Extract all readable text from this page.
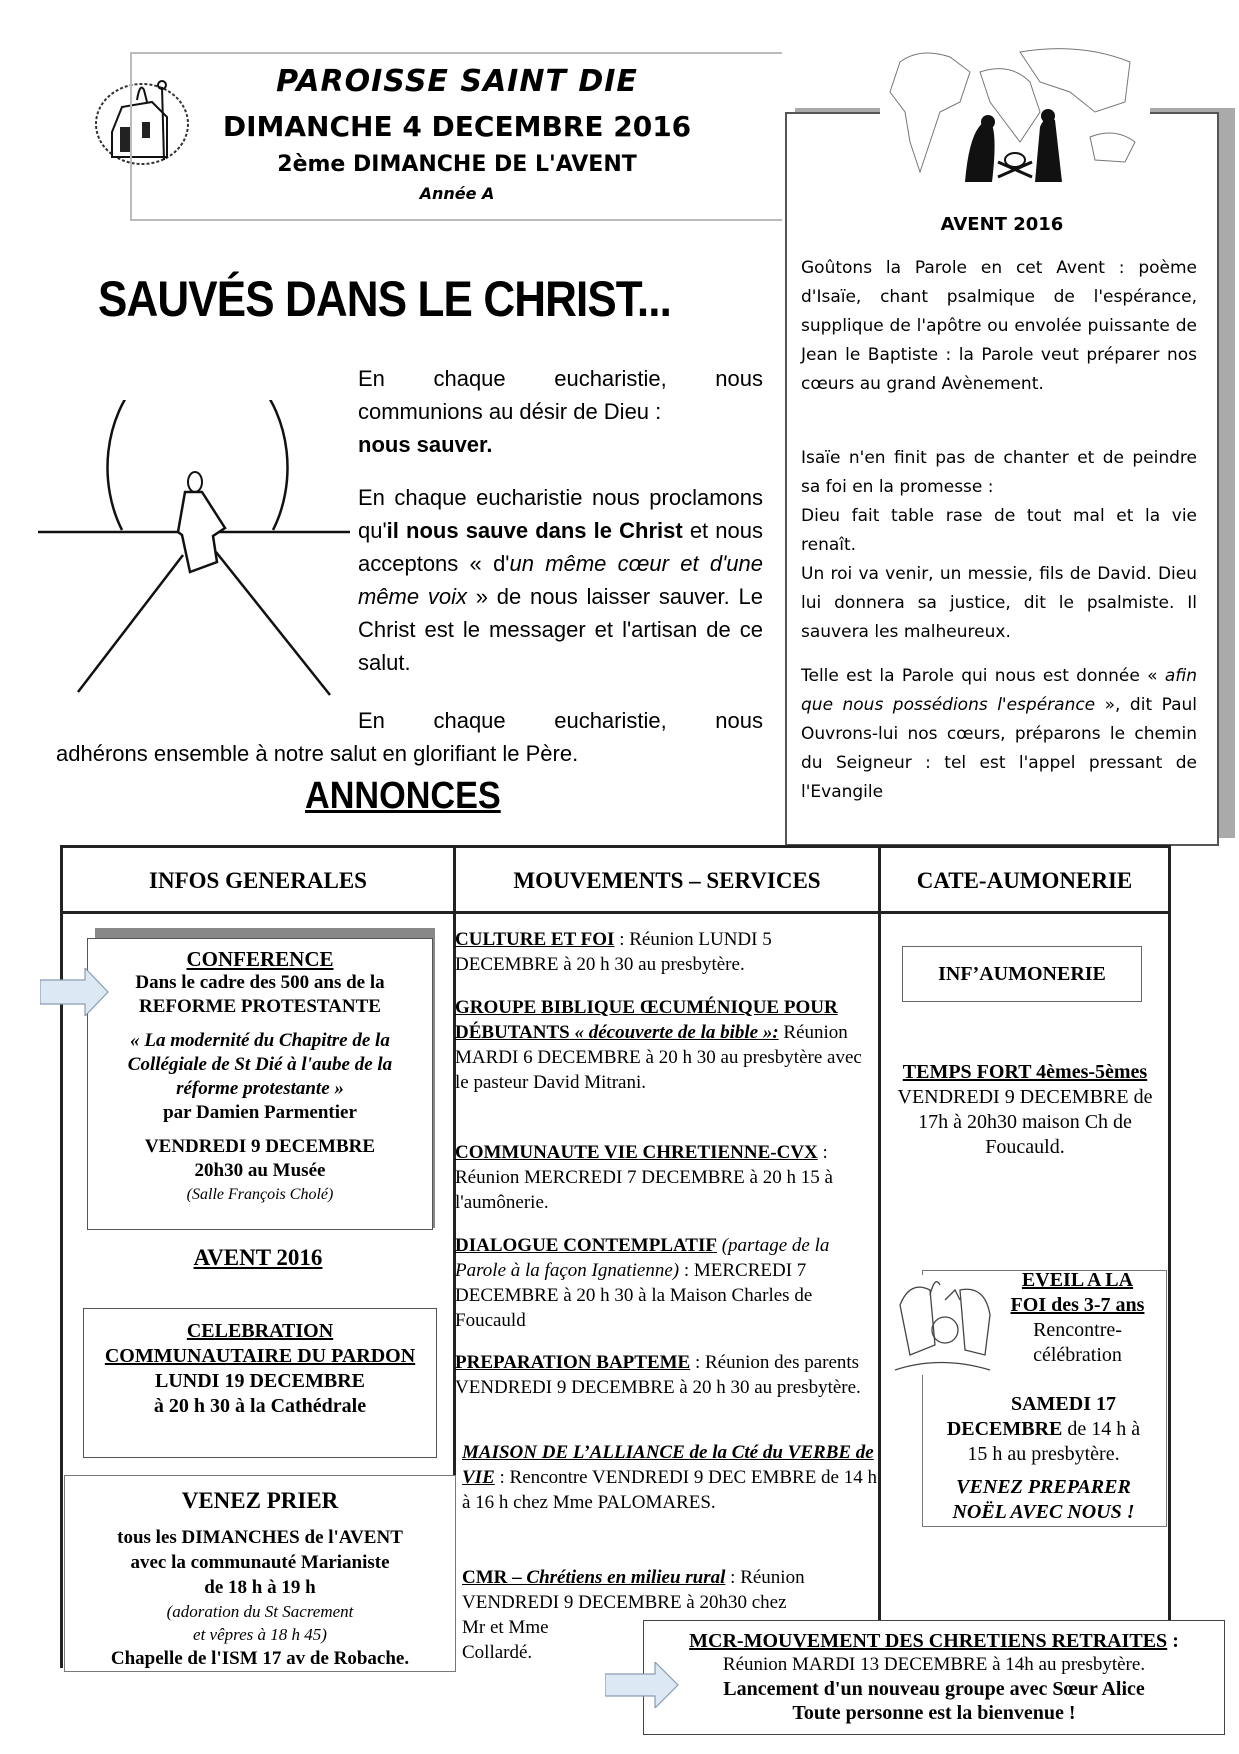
PAROISSE SAINT DIE
DIMANCHE 4 DECEMBRE 2016
2ème DIMANCHE DE L'AVENT
Année A
SAUVÉS DANS LE CHRIST...
En chaque eucharistie, nous communions au désir de Dieu :
nous sauver.
En chaque eucharistie nous proclamons qu'il nous sauve dans le Christ et nous acceptons « d'un même cœur et d'une même voix » de nous laisser sauver. Le Christ est le messager et l'artisan de ce salut.
En chaque eucharistie, nous
adhérons ensemble à notre salut en glorifiant le Père.
ANNONCES
AVENT 2016
Goûtons la Parole en cet Avent : poème d'Isaïe, chant psalmique de l'espérance, supplique de l'apôtre ou envolée puissante de Jean le Baptiste : la Parole veut préparer nos cœurs au grand Avènement.
Isaïe n'en finit pas de chanter et de peindre sa foi en la promesse :
Dieu fait table rase de tout mal et la vie renaît.
Un roi va venir, un messie, fils de David. Dieu lui donnera sa justice, dit le psalmiste. Il sauvera les malheureux.
Telle est la Parole qui nous est donnée « afin que nous possédions l'espérance », dit Paul Ouvrons-lui nos cœurs, préparons le chemin du Seigneur : tel est l'appel pressant de l'Evangile
INFOS GENERALES	MOUVEMENTS – SERVICES	CATE-AUMONERIE
CONFERENCE
Dans le cadre des 500 ans de la REFORME PROTESTANTE
« La modernité du Chapitre de la Collégiale de St Dié à l'aube de la réforme protestante »
par Damien Parmentier
VENDREDI 9 DECEMBRE
20h30 au Musée
(Salle François Cholé)
AVENT 2016
CELEBRATION COMMUNAUTAIRE DU PARDON
LUNDI 19 DECEMBRE
à 20 h 30 à la Cathédrale
VENEZ PRIER
tous les DIMANCHES de l'AVENT
avec la communauté Marianiste
de 18 h à 19 h
(adoration du St Sacrement
et vêpres à 18 h 45)
Chapelle de l'ISM 17 av de Robache.
CULTURE ET FOI : Réunion LUNDI 5 DECEMBRE à 20 h 30 au presbytère.
GROUPE BIBLIQUE ŒCUMÉNIQUE POUR DÉBUTANTS « découverte de la bible »: Réunion MARDI 6 DECEMBRE à 20 h 30 au presbytère avec le pasteur David Mitrani.
COMMUNAUTE VIE CHRETIENNE-CVX : Réunion MERCREDI 7 DECEMBRE à 20 h 15 à l'aumônerie.
DIALOGUE CONTEMPLATIF (partage de la Parole à la façon Ignatienne) : MERCREDI 7 DECEMBRE à 20 h 30 à la Maison Charles de Foucauld
PREPARATION BAPTEME : Réunion des parents VENDREDI 9 DECEMBRE à 20 h 30 au presbytère.
MAISON DE L’ALLIANCE de la Cté du VERBE de VIE : Rencontre VENDREDI 9 DEC EMBRE de 14 h à 16 h chez Mme PALOMARES.
CMR – Chrétiens en milieu rural : Réunion VENDREDI 9 DECEMBRE à 20h30 chez
Mr et Mme
Collardé.
INF’AUMONERIE
TEMPS FORT 4èmes-5èmes VENDREDI 9 DECEMBRE de 17h à 20h30 maison Ch de Foucauld.
EVEIL A LA
FOI des 3-7 ans
Rencontre-
célébration
SAMEDI 17
DECEMBRE de 14 h à
15 h au presbytère.
VENEZ PREPARER
NOËL AVEC NOUS !
MCR-MOUVEMENT DES CHRETIENS RETRAITES :
Réunion MARDI 13 DECEMBRE à 14h au presbytère.
Lancement d'un nouveau groupe avec Sœur Alice
Toute personne est la bienvenue !
